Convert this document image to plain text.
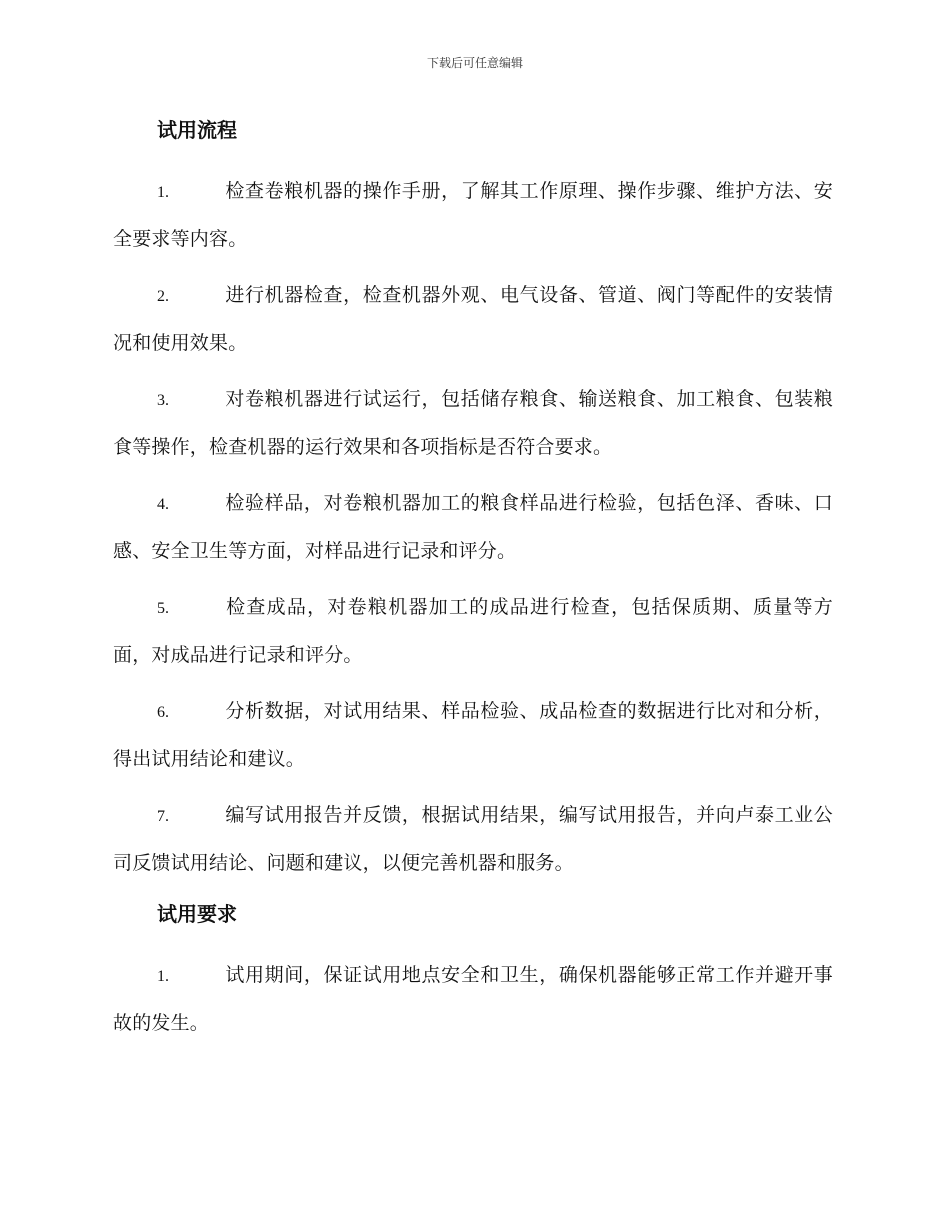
下载后可任意编辑
试用流程

1.	检查卷粮机器的操作手册，了解其工作原理、操作步骤、维护方法、安全要求等内容。

2.	进行机器检查，检查机器外观、电气设备、管道、阀门等配件的安装情况和使用效果。

3.	对卷粮机器进行试运行，包括储存粮食、输送粮食、加工粮食、包装粮食等操作，检查机器的运行效果和各项指标是否符合要求。

4.	检验样品，对卷粮机器加工的粮食样品进行检验，包括色泽、香味、口感、安全卫生等方面，对样品进行记录和评分。

5.	检查成品，对卷粮机器加工的成品进行检查，包括保质期、质量等方面，对成品进行记录和评分。

6.	分析数据，对试用结果、样品检验、成品检查的数据进行比对和分析，得出试用结论和建议。

7.	编写试用报告并反馈，根据试用结果，编写试用报告，并向卢泰工业公司反馈试用结论、问题和建议，以便完善机器和服务。

试用要求

1.	试用期间，保证试用地点安全和卫生，确保机器能够正常工作并避开事故的发生。
